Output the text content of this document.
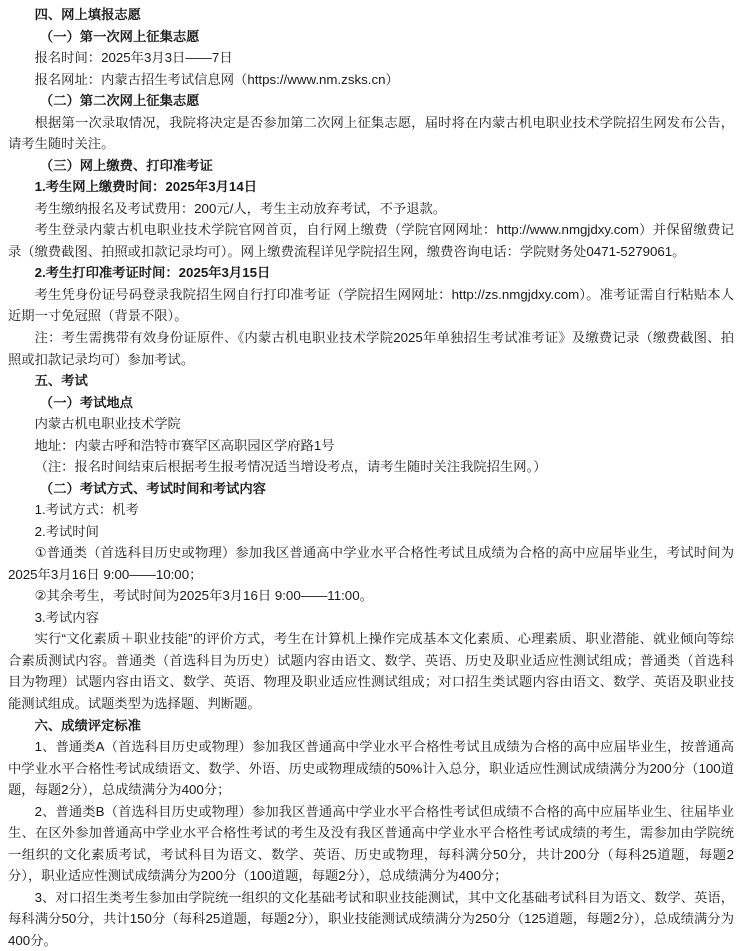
四、网上填报志愿

（一）第一次网上征集志愿

报名时间：2025年3月3日——7日

报名网址：内蒙古招生考试信息网（https://www.nm.zsks.cn）

（二）第二次网上征集志愿

根据第一次录取情况，我院将决定是否参加第二次网上征集志愿，届时将在内蒙古机电职业技术学院招生网发布公告，请考生随时关注。

（三）网上缴费、打印准考证

1.考生网上缴费时间：2025年3月14日

考生缴纳报名及考试费用：200元/人，考生主动放弃考试，不予退款。

考生登录内蒙古机电职业技术学院官网首页，自行网上缴费（学院官网网址：http://www.nmgjdxy.com）并保留缴费记录（缴费截图、拍照或扣款记录均可）。网上缴费流程详见学院招生网，缴费咨询电话：学院财务处0471-5279061。

2.考生打印准考证时间：2025年3月15日

考生凭身份证号码登录我院招生网自行打印准考证（学院招生网网址：http://zs.nmgjdxy.com）。准考证需自行粘贴本人近期一寸免冠照（背景不限）。

注：考生需携带有效身份证原件、《内蒙古机电职业技术学院2025年单独招生考试准考证》及缴费记录（缴费截图、拍照或扣款记录均可）参加考试。

五、考试

（一）考试地点

内蒙古机电职业技术学院

地址：内蒙古呼和浩特市赛罕区高职园区学府路1号

（注：报名时间结束后根据考生报考情况适当增设考点，请考生随时关注我院招生网。）

（二）考试方式、考试时间和考试内容

1.考试方式：机考

2.考试时间

①普通类（首选科目历史或物理）参加我区普通高中学业水平合格性考试且成绩为合格的高中应届毕业生，考试时间为2025年3月16日 9:00——10:00；

②其余考生，考试时间为2025年3月16日 9:00——11:00。

3.考试内容

实行“文化素质＋职业技能”的评价方式，考生在计算机上操作完成基本文化素质、心理素质、职业潜能、就业倾向等综合素质测试内容。普通类（首选科目为历史）试题内容由语文、数学、英语、历史及职业适应性测试组成；普通类（首选科目为物理）试题内容由语文、数学、英语、物理及职业适应性测试组成；对口招生类试题内容由语文、数学、英语及职业技能测试组成。试题类型为选择题、判断题。

六、成绩评定标准

1、普通类A（首选科目历史或物理）参加我区普通高中学业水平合格性考试且成绩为合格的高中应届毕业生，按普通高中学业水平合格性考试成绩语文、数学、外语、历史或物理成绩的50%计入总分，职业适应性测试成绩满分为200分（100道题，每题2分），总成绩满分为400分；

2、普通类B（首选科目历史或物理）参加我区普通高中学业水平合格性考试但成绩不合格的高中应届毕业生、往届毕业生、在区外参加普通高中学业水平合格性考试的考生及没有我区普通高中学业水平合格性考试成绩的考生，需参加由学院统一组织的文化素质考试，考试科目为语文、数学、英语、历史或物理，每科满分50分，共计200分（每科25道题，每题2分），职业适应性测试成绩满分为200分（100道题，每题2分），总成绩满分为400分；

3、对口招生类考生参加由学院统一组织的文化基础考试和职业技能测试，其中文化基础考试科目为语文、数学、英语，每科满分50分，共计150分（每科25道题，每题2分），职业技能测试成绩满分为250分（125道题，每题2分），总成绩满分为400分。
